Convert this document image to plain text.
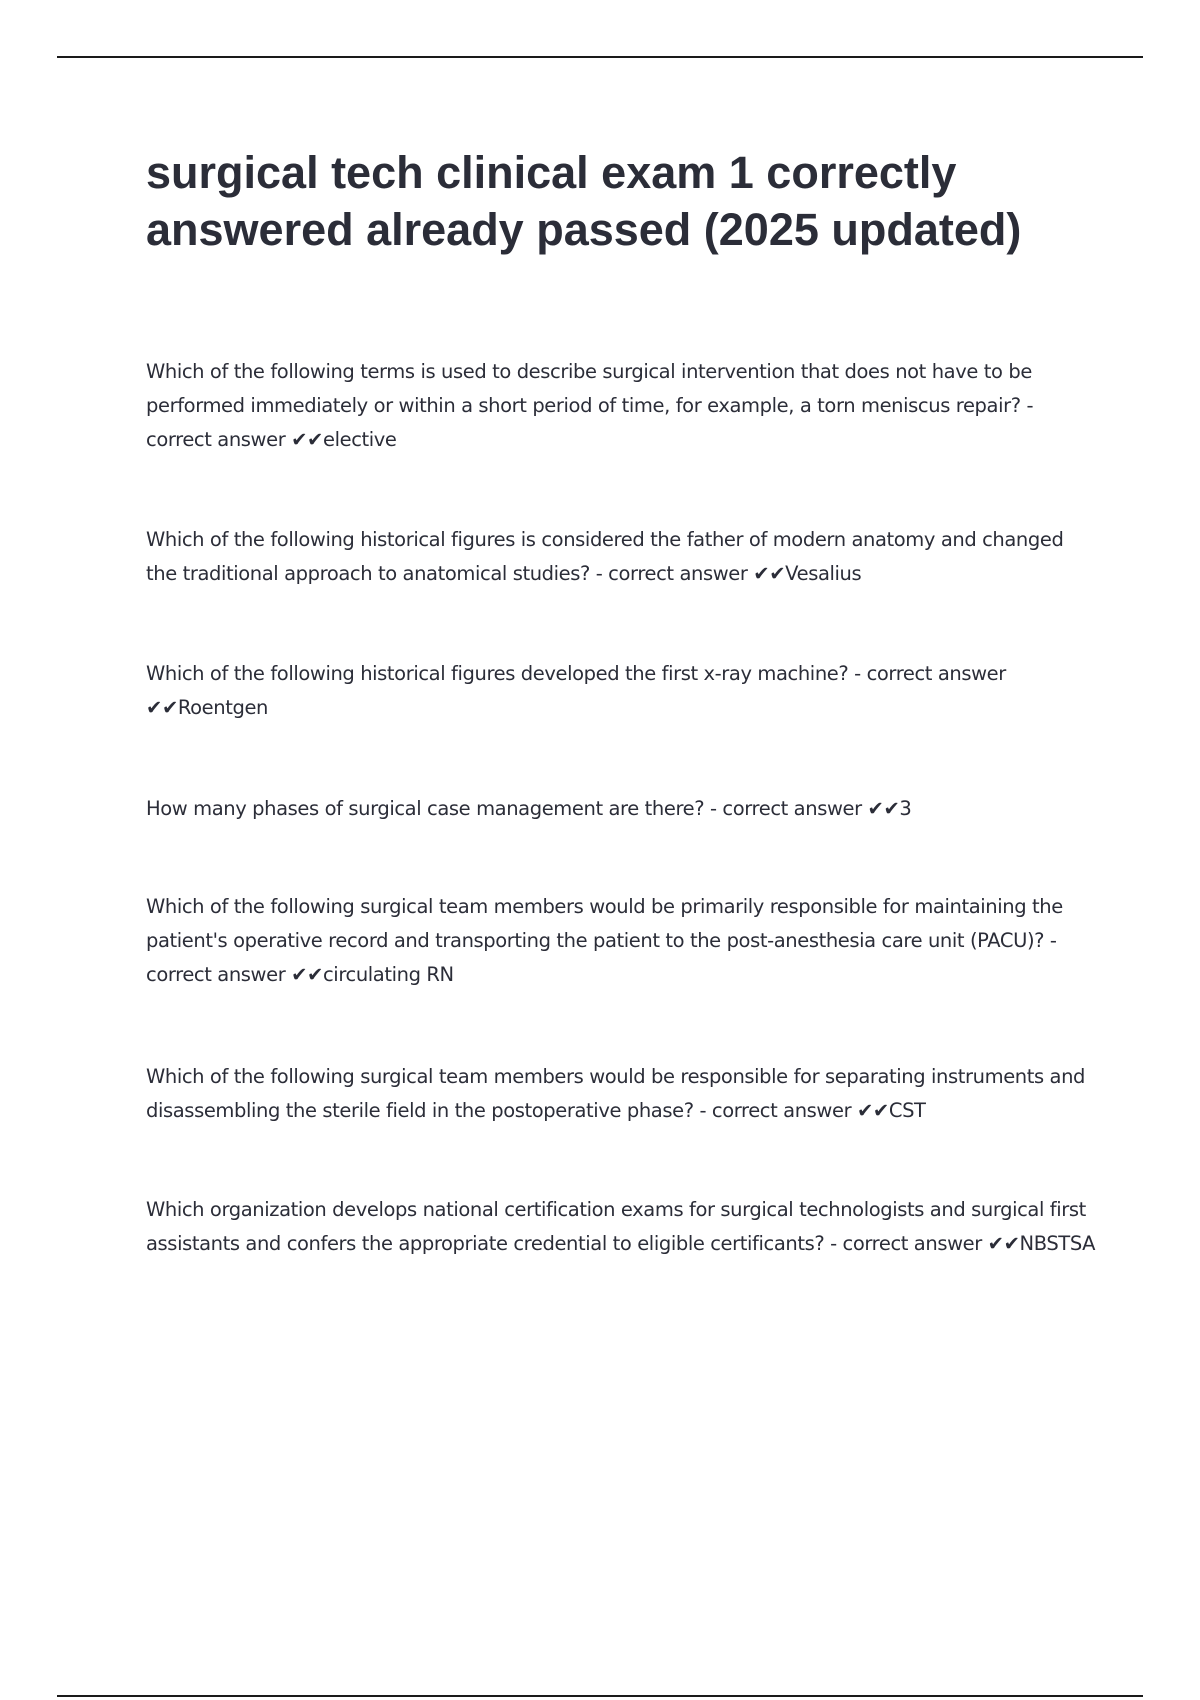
surgical tech clinical exam 1 correctly answered already passed (2025 updated)

Which of the following terms is used to describe surgical intervention that does not have to be performed immediately or within a short period of time, for example, a torn meniscus repair? - correct answer ✔✔elective

Which of the following historical figures is considered the father of modern anatomy and changed the traditional approach to anatomical studies? - correct answer ✔✔Vesalius

Which of the following historical figures developed the first x-ray machine? - correct answer ✔✔Roentgen

How many phases of surgical case management are there? - correct answer ✔✔3

Which of the following surgical team members would be primarily responsible for maintaining the patient's operative record and transporting the patient to the post-anesthesia care unit (PACU)? - correct answer ✔✔circulating RN

Which of the following surgical team members would be responsible for separating instruments and disassembling the sterile field in the postoperative phase? - correct answer ✔✔CST

Which organization develops national certification exams for surgical technologists and surgical first assistants and confers the appropriate credential to eligible certificants? - correct answer ✔✔NBSTSA
